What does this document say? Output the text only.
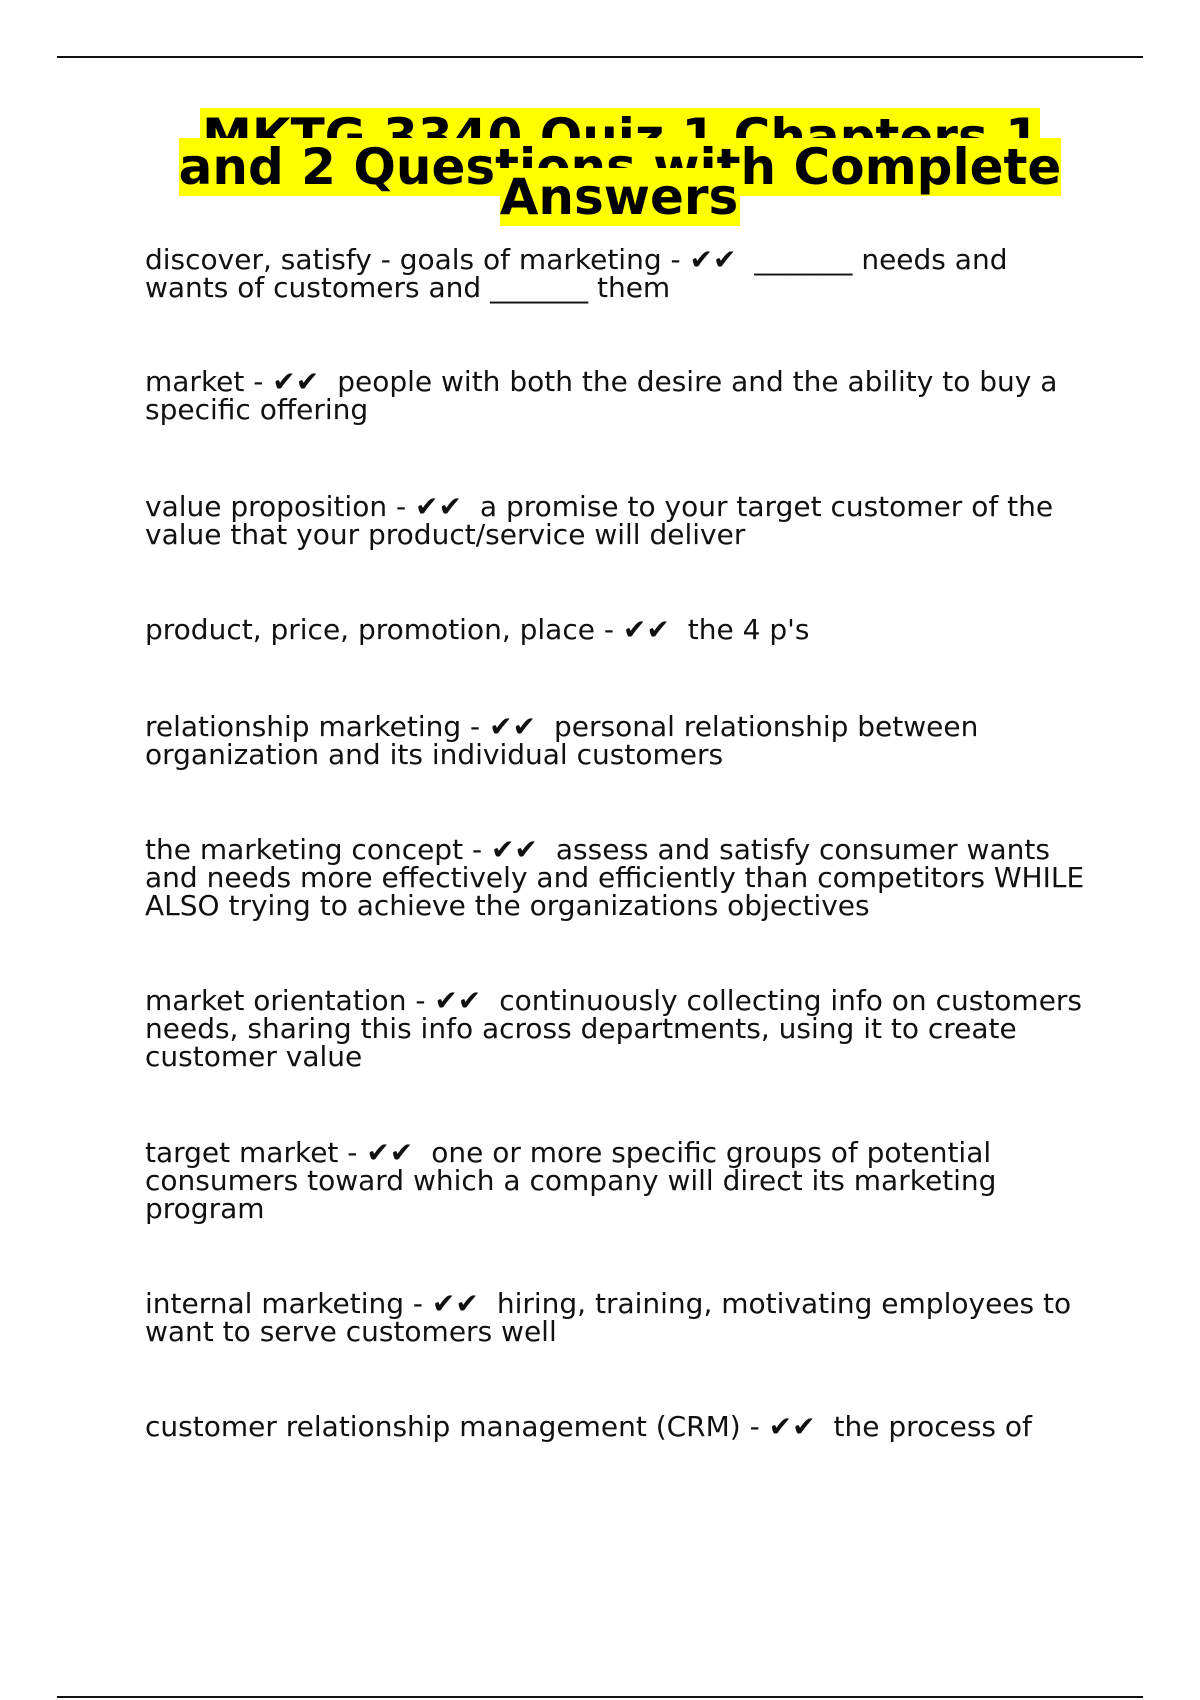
MKTG 3340 Quiz 1 Chapters 1 and 2 Questions with Complete Answers
discover, satisfy - goals of marketing - ✔✔ _______ needs and wants of customers and _______ them
market - ✔✔ people with both the desire and the ability to buy a specific offering
value proposition - ✔✔ a promise to your target customer of the value that your product/service will deliver
product, price, promotion, place - ✔✔ the 4 p's
relationship marketing - ✔✔ personal relationship between organization and its individual customers
the marketing concept - ✔✔ assess and satisfy consumer wants and needs more effectively and efficiently than competitors WHILE ALSO trying to achieve the organizations objectives
market orientation - ✔✔ continuously collecting info on customers needs, sharing this info across departments, using it to create customer value
target market - ✔✔ one or more specific groups of potential consumers toward which a company will direct its marketing program
internal marketing - ✔✔ hiring, training, motivating employees to want to serve customers well
customer relationship management (CRM) - ✔✔ the process of
